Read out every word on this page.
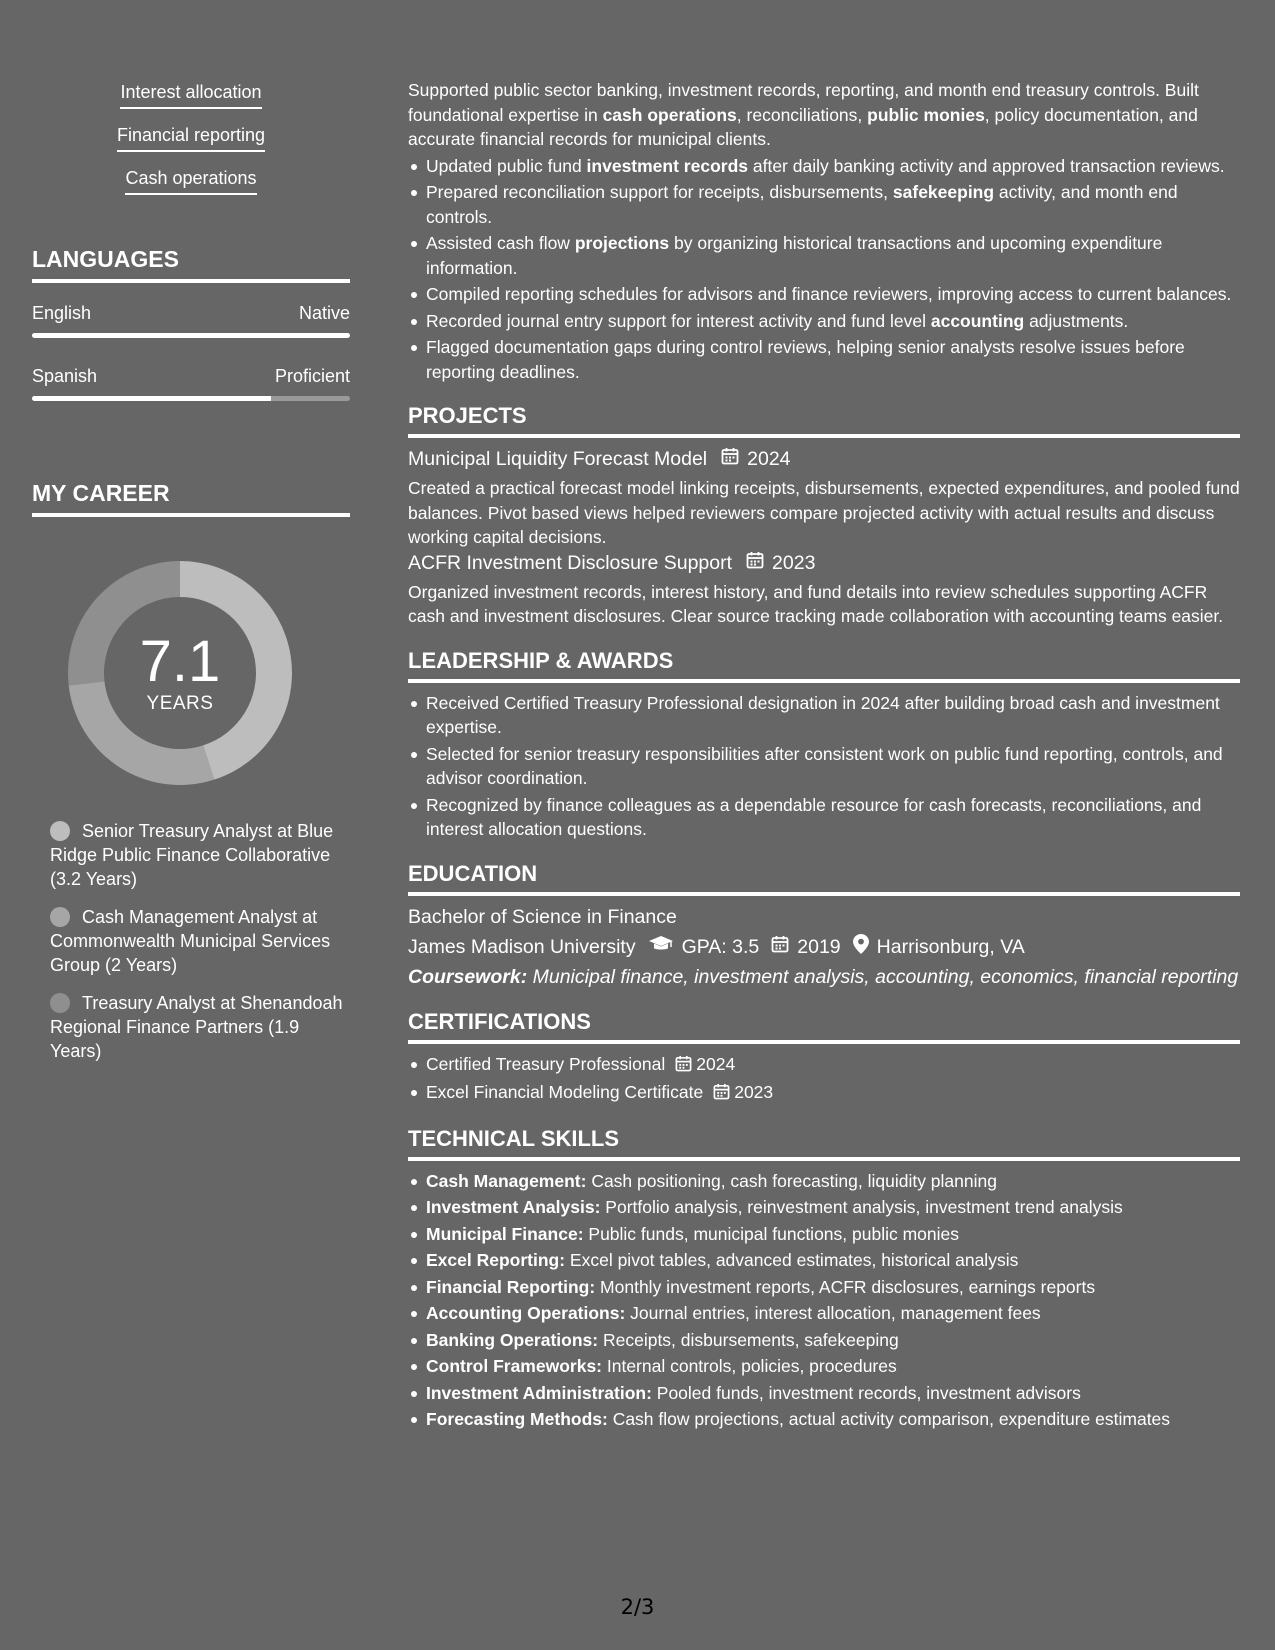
Interest allocation
Financial reporting
Cash operations
LANGUAGES
English	Native
Spanish	Proficient
MY CAREER
7.1
YEARS
Senior Treasury Analyst at Blue Ridge Public Finance Collaborative (3.2 Years)
Cash Management Analyst at Commonwealth Municipal Services Group (2 Years)
Treasury Analyst at Shenandoah Regional Finance Partners (1.9 Years)

Supported public sector banking, investment records, reporting, and month end treasury controls. Built foundational expertise in cash operations, reconciliations, public monies, policy documentation, and accurate financial records for municipal clients.

Updated public fund investment records after daily banking activity and approved transaction reviews.
Prepared reconciliation support for receipts, disbursements, safekeeping activity, and month end controls.
Assisted cash flow projections by organizing historical transactions and upcoming expenditure information.
Compiled reporting schedules for advisors and finance reviewers, improving access to current balances.
Recorded journal entry support for interest activity and fund level accounting adjustments.
Flagged documentation gaps during control reviews, helping senior analysts resolve issues before reporting deadlines.
PROJECTS
Municipal Liquidity Forecast Model 2024

Created a practical forecast model linking receipts, disbursements, expected expenditures, and pooled fund balances. Pivot based views helped reviewers compare projected activity with actual results and discuss working capital decisions.

ACFR Investment Disclosure Support 2023

Organized investment records, interest history, and fund details into review schedules supporting ACFR cash and investment disclosures. Clear source tracking made collaboration with accounting teams easier.

LEADERSHIP & AWARDS
Received Certified Treasury Professional designation in 2024 after building broad cash and investment expertise.
Selected for senior treasury responsibilities after consistent work on public fund reporting, controls, and advisor coordination.
Recognized by finance colleagues as a dependable resource for cash forecasts, reconciliations, and interest allocation questions.
EDUCATION
Bachelor of Science in Finance
James Madison University GPA: 3.5 2019 Harrisonburg, VA
Coursework: Municipal finance, investment analysis, accounting, economics, financial reporting
CERTIFICATIONS
Certified Treasury Professional 2024
Excel Financial Modeling Certificate 2023
TECHNICAL SKILLS
Cash Management: Cash positioning, cash forecasting, liquidity planning
Investment Analysis: Portfolio analysis, reinvestment analysis, investment trend analysis
Municipal Finance: Public funds, municipal functions, public monies
Excel Reporting: Excel pivot tables, advanced estimates, historical analysis
Financial Reporting: Monthly investment reports, ACFR disclosures, earnings reports
Accounting Operations: Journal entries, interest allocation, management fees
Banking Operations: Receipts, disbursements, safekeeping
Control Frameworks: Internal controls, policies, procedures
Investment Administration: Pooled funds, investment records, investment advisors
Forecasting Methods: Cash flow projections, actual activity comparison, expenditure estimates
2/3
